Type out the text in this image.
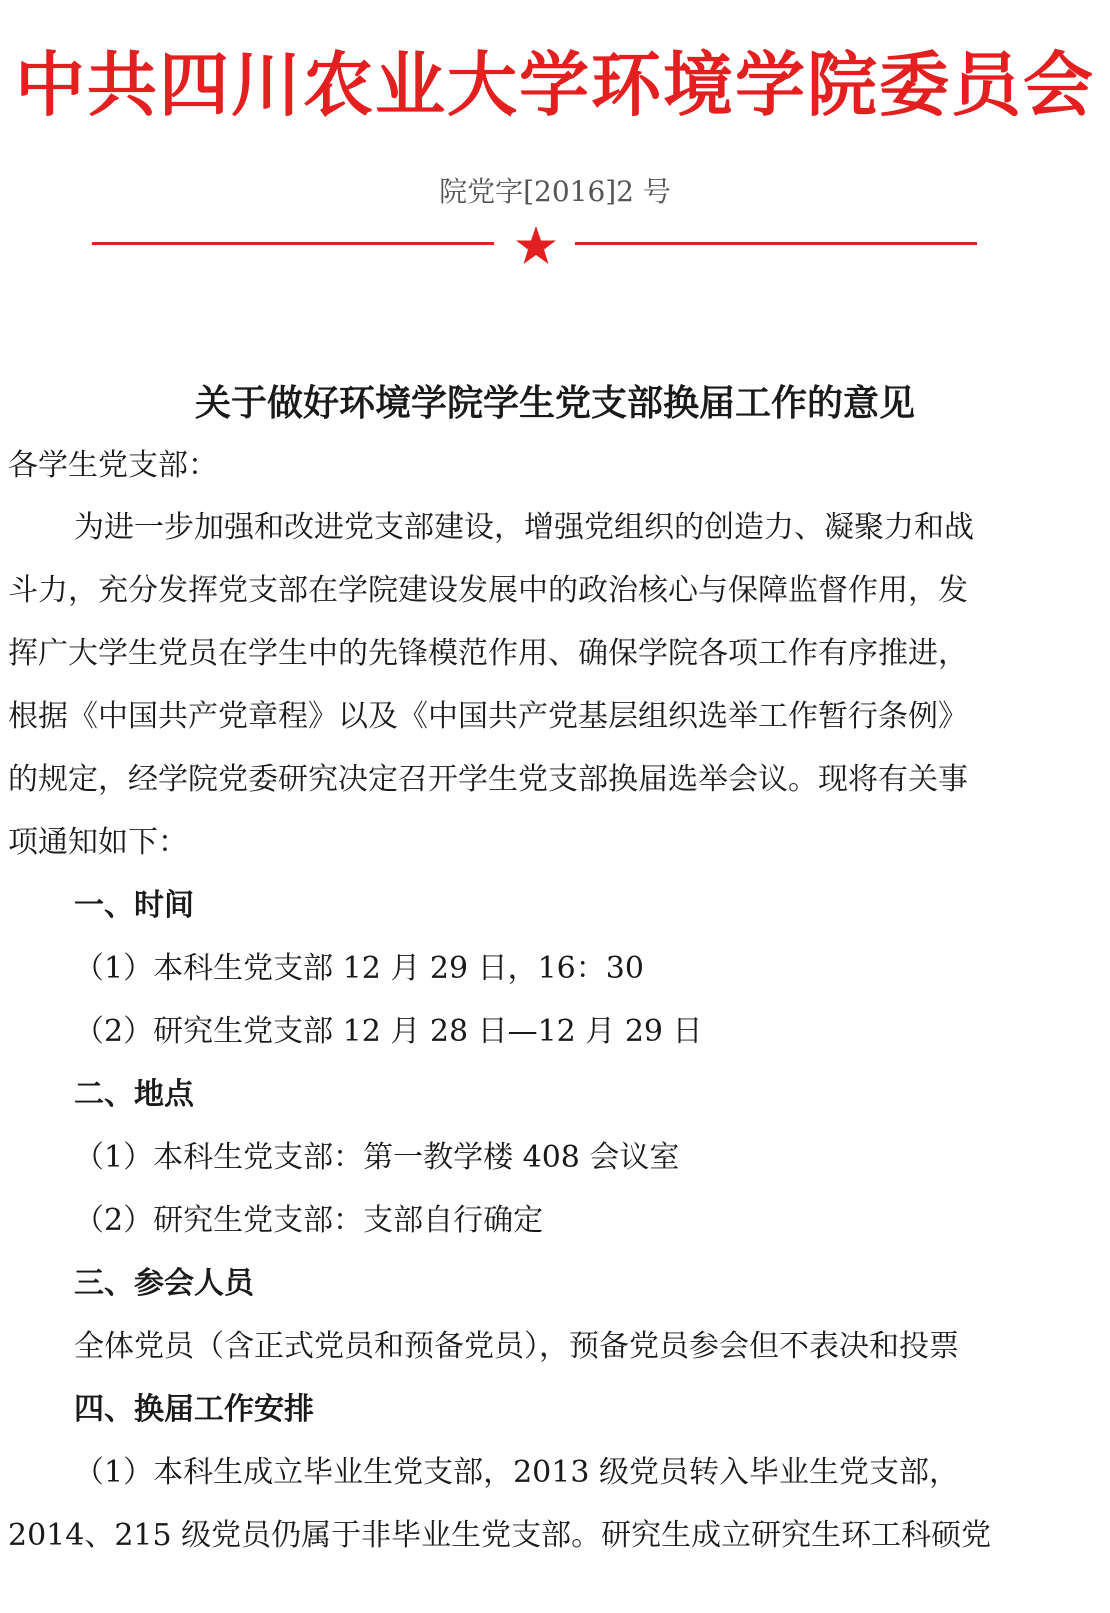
中共四川农业大学环境学院委员会
院党字[2016]2 号
关于做好环境学院学生党支部换届工作的意见
各学生党支部：
为进一步加强和改进党支部建设，增强党组织的创造力、凝聚力和战
斗力，充分发挥党支部在学院建设发展中的政治核心与保障监督作用，发
挥广大学生党员在学生中的先锋模范作用、确保学院各项工作有序推进，
根据《中国共产党章程》以及《中国共产党基层组织选举工作暂行条例》
的规定，经学院党委研究决定召开学生党支部换届选举会议。现将有关事
项通知如下：
一、时间
（1）本科生党支部 12 月 29 日，16：30
（2）研究生党支部 12 月 28 日—12 月 29 日
二、地点
（1）本科生党支部：第一教学楼 408 会议室
（2）研究生党支部：支部自行确定
三、参会人员
全体党员（含正式党员和预备党员），预备党员参会但不表决和投票
四、换届工作安排
（1）本科生成立毕业生党支部，2013 级党员转入毕业生党支部，
2014、215 级党员仍属于非毕业生党支部。研究生成立研究生环工科硕党
